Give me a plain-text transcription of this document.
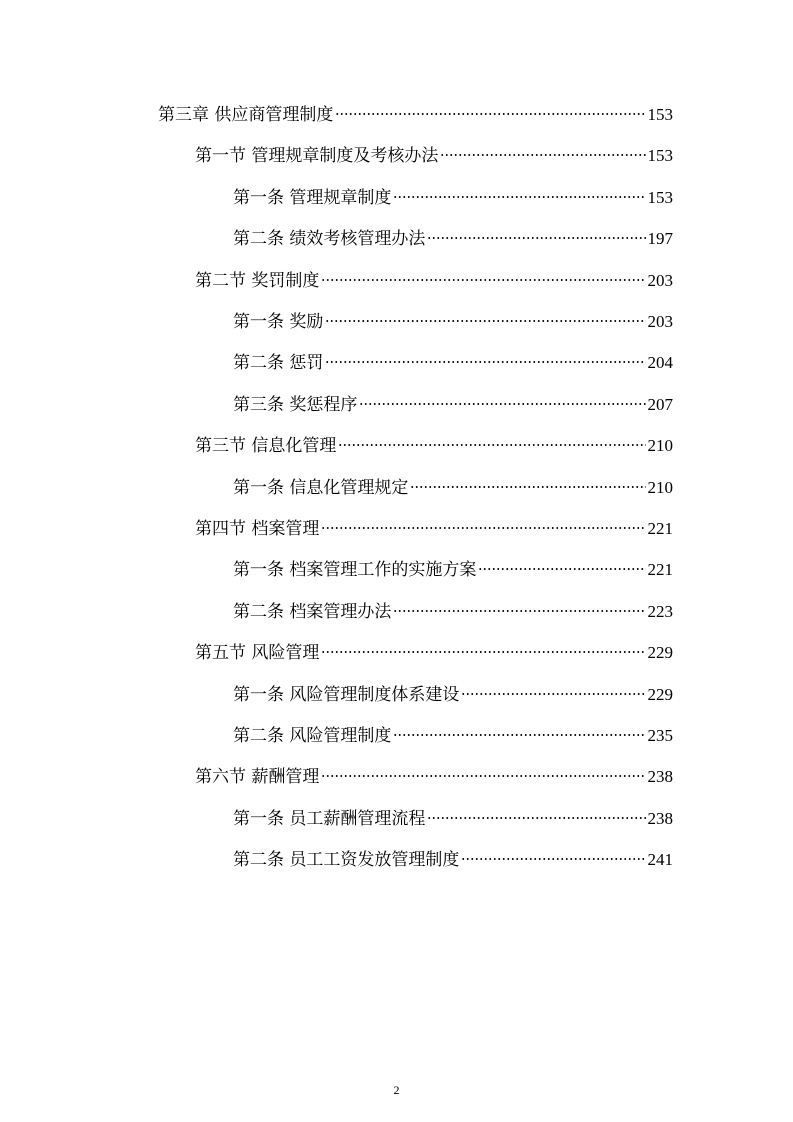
第三章 供应商管理制度	153
第一节 管理规章制度及考核办法	153
第一条 管理规章制度	153
第二条 绩效考核管理办法	197
第二节 奖罚制度	203
第一条 奖励	203
第二条 惩罚	204
第三条 奖惩程序	207
第三节 信息化管理	210
第一条 信息化管理规定	210
第四节 档案管理	221
第一条 档案管理工作的实施方案	221
第二条 档案管理办法	223
第五节 风险管理	229
第一条 风险管理制度体系建设	229
第二条 风险管理制度	235
第六节 薪酬管理	238
第一条 员工薪酬管理流程	238
第二条 员工工资发放管理制度	241
2
